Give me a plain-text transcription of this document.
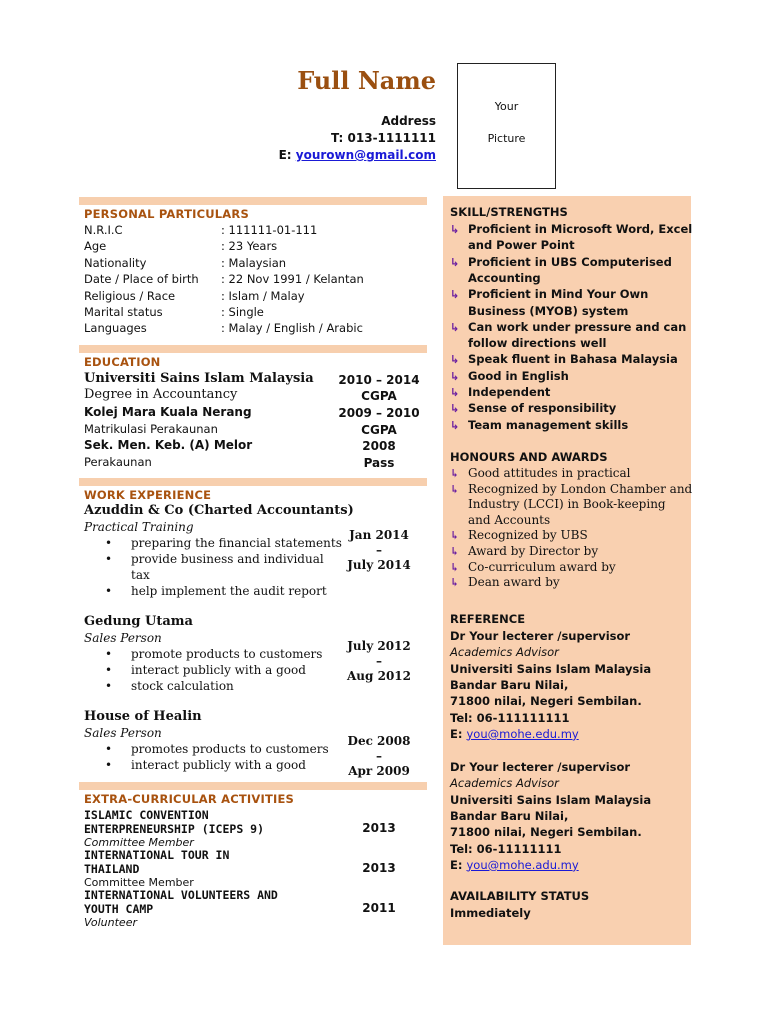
Full Name
Address
T: 013-1111111
E: yourown@gmail.com
Your
Picture
PERSONAL PARTICULARS
N.R.I.C	: 111111-01-111
Age	: 23 Years
Nationality	: Malaysian
Date / Place of birth : 22 Nov 1991 / Kelantan
Religious / Race	: Islam / Malay
Marital status	: Single
Languages	: Malay / English / Arabic
EDUCATION
Universiti Sains Islam Malaysia	2010 – 2014
Degree in Accountancy	CGPA
Kolej Mara Kuala Nerang	2009 – 2010
Matrikulasi Perakaunan	CGPA
Sek. Men. Keb. (A) Melor	2008
Perakaunan	Pass
WORK EXPERIENCE
Azuddin & Co (Charted Accountants)
Practical Training
• preparing the financial statements
• provide business and individual
tax
• help implement the audit report
Jan 2014
–
July 2014
Gedung Utama
Sales Person
• promote products to customers
• interact publicly with a good
• stock calculation
July 2012
–
Aug 2012
House of Healin
Sales Person
• promotes products to customers
• interact publicly with a good
Dec 2008
–
Apr 2009
EXTRA-CURRICULAR ACTIVITIES
ISLAMIC CONVENTION
ENTERPRENEURSHIP (ICEPS 9)
Committee Member
2013
INTERNATIONAL TOUR IN
THAILAND
Committee Member
2013
INTERNATIONAL VOLUNTEERS AND
YOUTH CAMP
Volunteer
2011
SKILL/STRENGTHS
↳ Proficient in Microsoft Word, Excel
and Power Point
↳ Proficient in UBS Computerised
Accounting
↳ Proficient in Mind Your Own
Business (MYOB) system
↳ Can work under pressure and can
follow directions well
↳ Speak fluent in Bahasa Malaysia
↳ Good in English
↳ Independent
↳ Sense of responsibility
↳ Team management skills
HONOURS AND AWARDS
↳ Good attitudes in practical
↳ Recognized by London Chamber and
Industry (LCCI) in Book-keeping
and Accounts
↳ Recognized by UBS
↳ Award by Director by
↳ Co-curriculum award by
↳ Dean award by
REFERENCE
Dr Your lecterer /supervisor
Academics Advisor
Universiti Sains Islam Malaysia
Bandar Baru Nilai,
71800 nilai, Negeri Sembilan.
Tel: 06-111111111
E: you@mohe.edu.my
Dr Your lecterer /supervisor
Academics Advisor
Universiti Sains Islam Malaysia
Bandar Baru Nilai,
71800 nilai, Negeri Sembilan.
Tel: 06-11111111
E: you@mohe.adu.my
AVAILABILITY STATUS
Immediately
